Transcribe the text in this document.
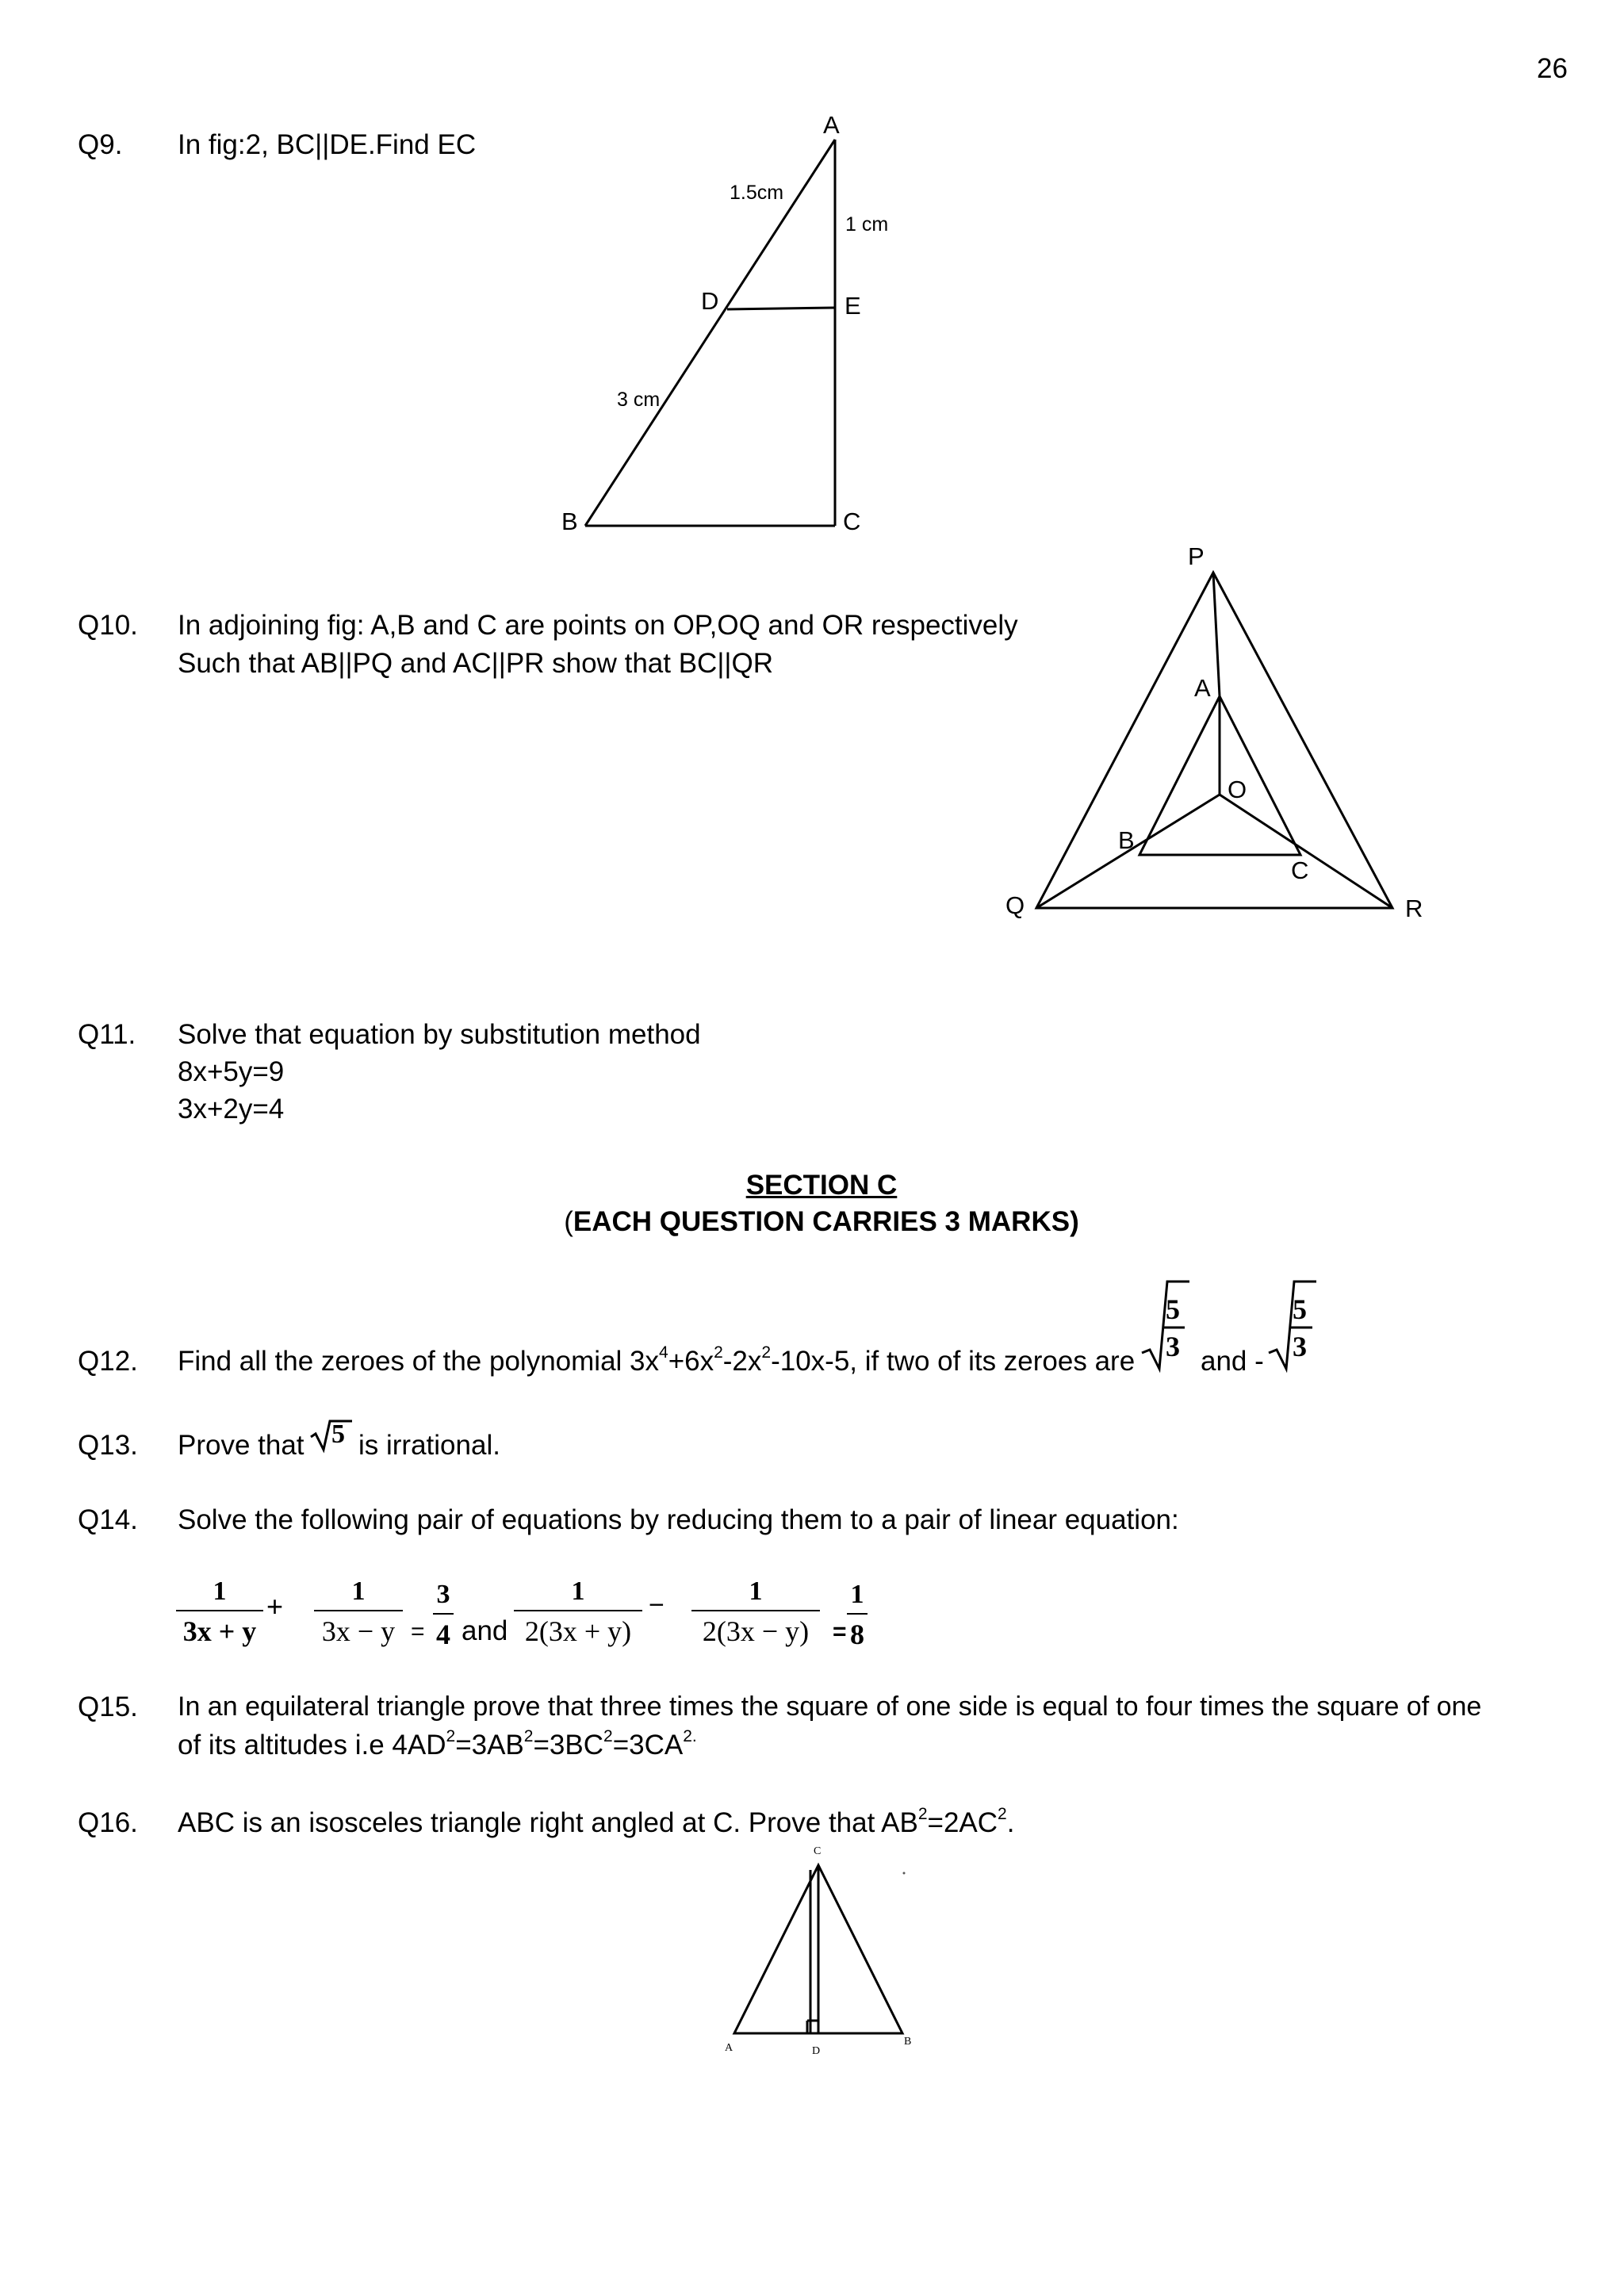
26
Q9. In fig:2, BC||DE.Find EC
A
B	C
D	E
1.5cm
1 cm
3 cm
Q10. In adjoining fig: A,B and C are points on OP,OQ and OR respectively
Such that AB||PQ and AC||PR show that BC||QR
P
A
O
B
C
Q	R
Q11. Solve that equation by substitution method
8x+5y=9
3x+2y=4
SECTION C
(EACH QUESTION CARRIES 3 MARKS)
Q12. Find all the zeroes of the polynomial $3x^4+6x^2-2x^2-10x-5$, if two of its zeroes are
5
3 and -
5
3
Q13. Prove that 5 is irrational.
Q14. Solve the following pair of equations by reducing them to a pair of linear equation:
1
3x + y
+	1
3x − y =
3
4 and
1
2(3x + y)
−	1
2(3x − y) =
1
8
Q15. In an equilateral triangle prove that three times the square of one side is equal to four times the square of one
of its altitudes i.e $4AD^2=3AB^2=3BC^2=3CA^{2.}$
Q16. ABC is an isosceles triangle right angled at C. Prove that $AB^2=2AC^2$.
C
A	D
B
